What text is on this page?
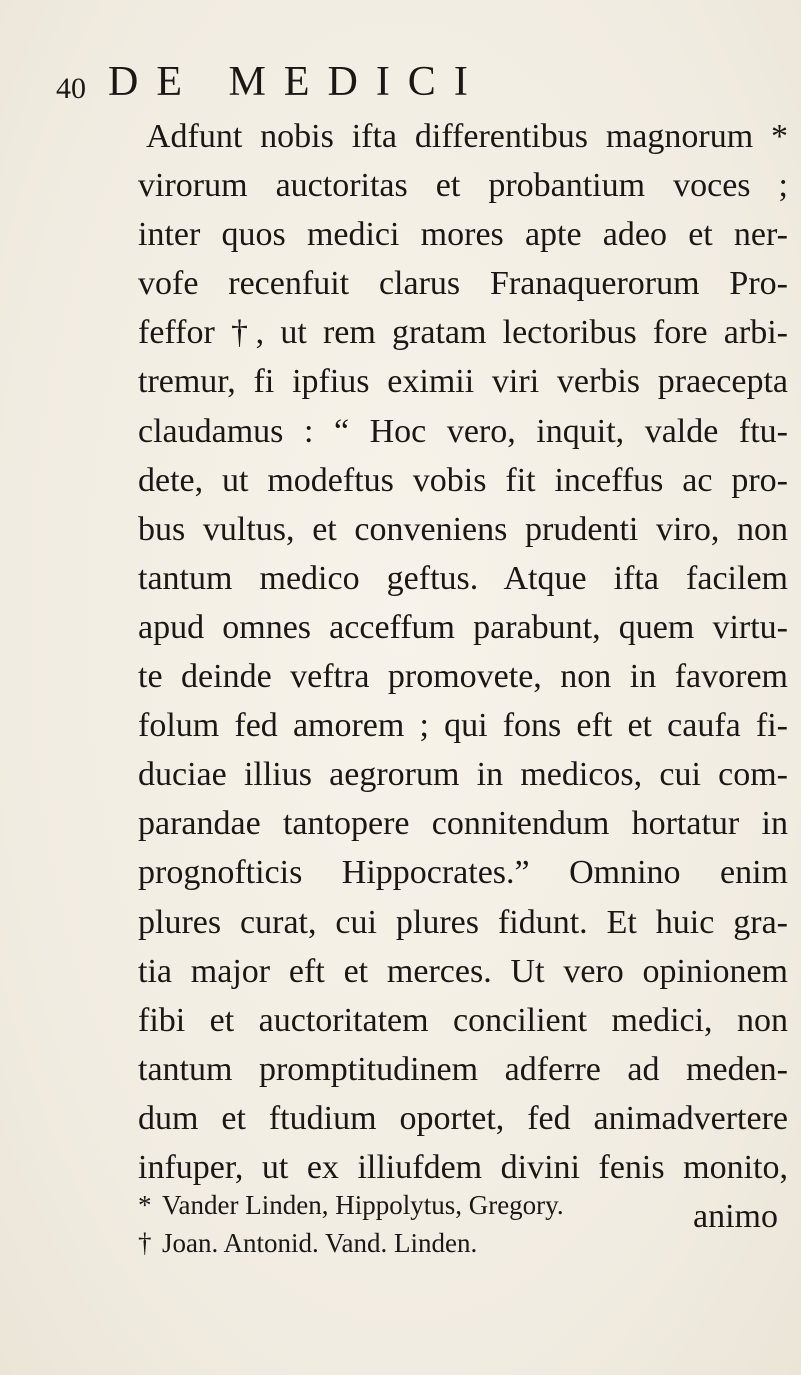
40 DE MEDICI
Adfunt nobis ifta differentibus magnorum *
virorum auctoritas et probantium voces ;
inter quos medici mores apte adeo et ner-
vofe recenfuit clarus Franaquerorum Pro-
feffor †, ut rem gratam lectoribus fore arbi-
tremur, fi ipfius eximii viri verbis praecepta
claudamus : “ Hoc vero, inquit, valde ftu-
dete, ut modeftus vobis fit inceffus ac pro-
bus vultus, et conveniens prudenti viro, non
tantum medico geftus. Atque ifta facilem
apud omnes acceffum parabunt, quem virtu-
te deinde veftra promovete, non in favorem
folum fed amorem ; qui fons eft et caufa fi-
duciae illius aegrorum in medicos, cui com-
parandae tantopere connitendum hortatur in
prognofticis Hippocrates.” Omnino enim
plures curat, cui plures fidunt. Et huic gra-
tia major eft et merces. Ut vero opinionem
fibi et auctoritatem concilient medici, non
tantum promptitudinem adferre ad meden-
dum et ftudium oportet, fed animadvertere
infuper, ut ex illiufdem divini fenis monito,
animo
* Vander Linden, Hippolytus, Gregory.
† Joan. Antonid. Vand. Linden.
